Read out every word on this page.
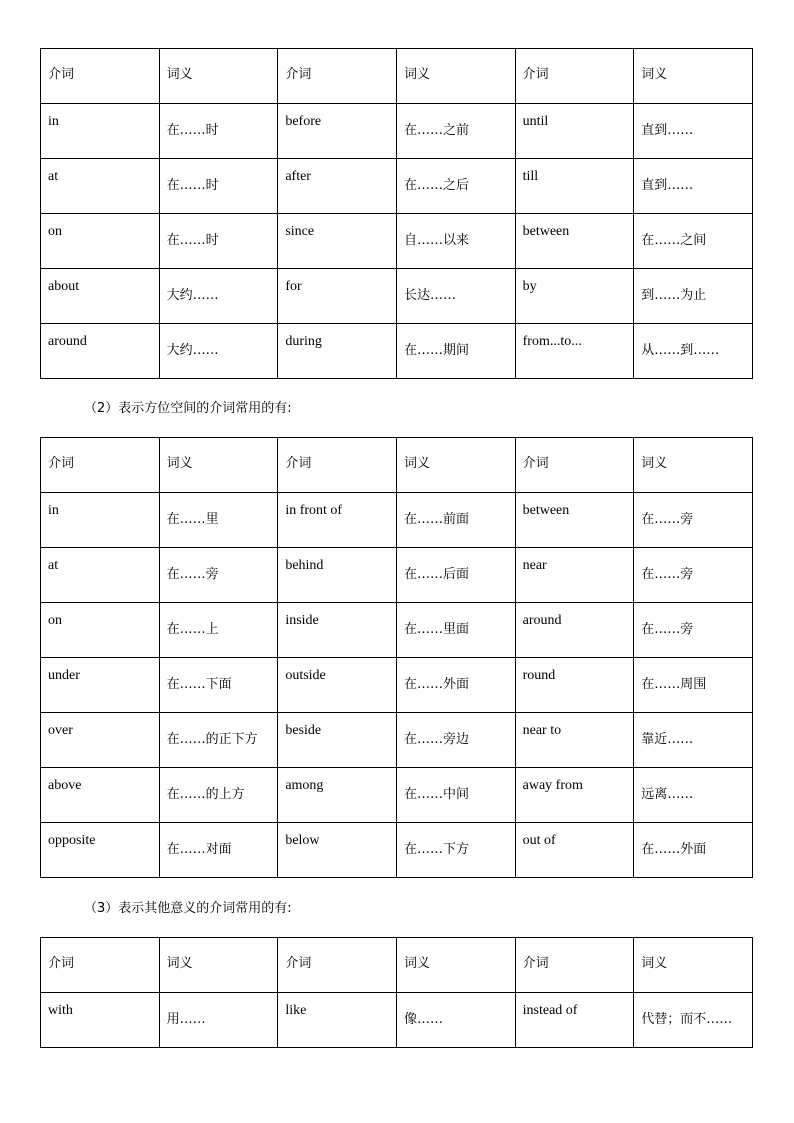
介词	词义	介词	词义	介词	词义
in	在……时	before	在……之前	until	直到……
at	在……时	after	在……之后	till	直到……
on	在……时	since	自……以来	between	在……之间
about	大约……	for	长达……	by	到……为止
around	大约……	during	在……期间	from...to...	从……到……
（2）表示方位空间的介词常用的有:
介词	词义	介词	词义	介词	词义
in	在……里	in front of	在……前面	between	在……旁
at	在……旁	behind	在……后面	near	在……旁
on	在……上	inside	在……里面	around	在……旁
under	在……下面	outside	在……外面	round	在……周围
over	在……的正下方	beside	在……旁边	near to	靠近……
above	在……的上方	among	在……中间	away from	远离……
opposite	在……对面	below	在……下方	out of	在……外面
（3）表示其他意义的介词常用的有:
介词	词义	介词	词义	介词	词义
with	用……	like	像……	instead of	代替；而不……
